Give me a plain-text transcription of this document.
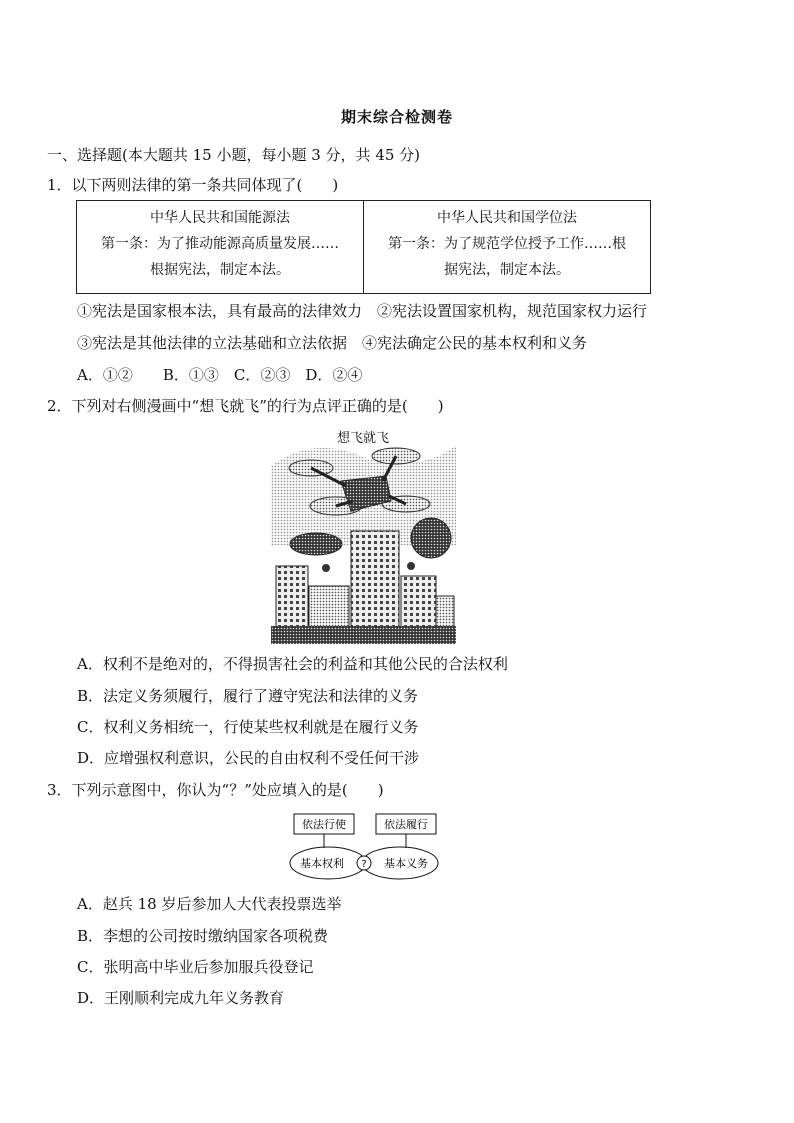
期末综合检测卷
一、选择题(本大题共 15 小题，每小题 3 分，共 45 分)
1．以下两则法律的第一条共同体现了(　　)
中华人民共和国能源法
第一条：为了推动能源高质量发展……
根据宪法，制定本法。

中华人民共和国学位法
第一条：为了规范学位授予工作……根
据宪法，制定本法。
①宪法是国家根本法，具有最高的法律效力　②宪法设置国家机构，规范国家权力运行
③宪法是其他法律的立法基础和立法依据　④宪法确定公民的基本权利和义务
A．①②　　B．①③　C．②③　D．②④
2．下列对右侧漫画中“想飞就飞”的行为点评正确的是(　　)
想飞就飞
A．权利不是绝对的，不得损害社会的利益和其他公民的合法权利
B．法定义务须履行，履行了遵守宪法和法律的义务
C．权利义务相统一，行使某些权利就是在履行义务
D．应增强权利意识，公民的自由权利不受任何干涉
3．下列示意图中，你认为“？”处应填入的是(　　)
依法行使	依法履行
基本权利	基本义务
?
A．赵兵 18 岁后参加人大代表投票选举
B．李想的公司按时缴纳国家各项税费
C．张明高中毕业后参加服兵役登记
D．王刚顺利完成九年义务教育
